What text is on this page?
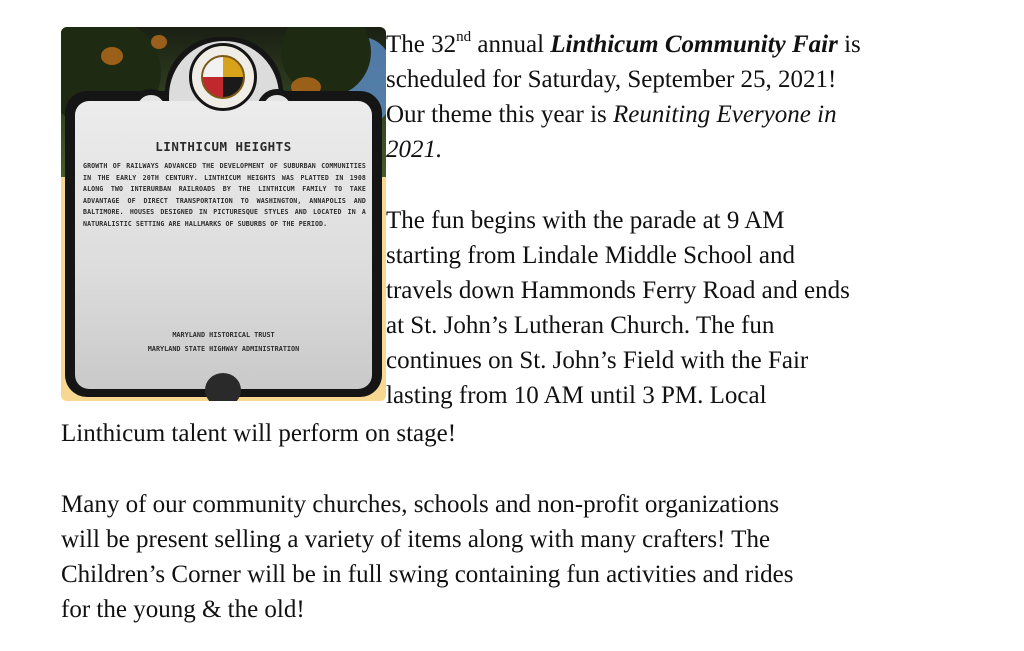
LINTHICUM HEIGHTS

GROWTH OF RAILWAYS ADVANCED THE DEVELOPMENT OF SUBURBAN COMMUNITIES IN THE EARLY 20TH CENTURY. LINTHICUM HEIGHTS WAS PLATTED IN 1908 ALONG TWO INTERURBAN RAILROADS BY THE LINTHICUM FAMILY TO TAKE ADVANTAGE OF DIRECT TRANSPORTATION TO WASHINGTON, ANNAPOLIS AND BALTIMORE. HOUSES DESIGNED IN PICTURESQUE STYLES AND LOCATED IN A NATURALISTIC SETTING ARE HALLMARKS OF SUBURBS OF THE PERIOD.

MARYLAND HISTORICAL TRUST

MARYLAND STATE HIGHWAY ADMINISTRATION

The 32nd annual Linthicum Community Fair is
scheduled for Saturday, September 25, 2021!
Our theme this year is Reuniting Everyone in
2021.

The fun begins with the parade at 9 AM
starting from Lindale Middle School and
travels down Hammonds Ferry Road and ends
at St. John’s Lutheran Church. The fun
continues on St. John’s Field with the Fair
lasting from 10 AM until 3 PM. Local

Linthicum talent will perform on stage!

Many of our community churches, schools and non-profit organizations
will be present selling a variety of items along with many crafters! The
Children’s Corner will be in full swing containing fun activities and rides
for the young & the old!
